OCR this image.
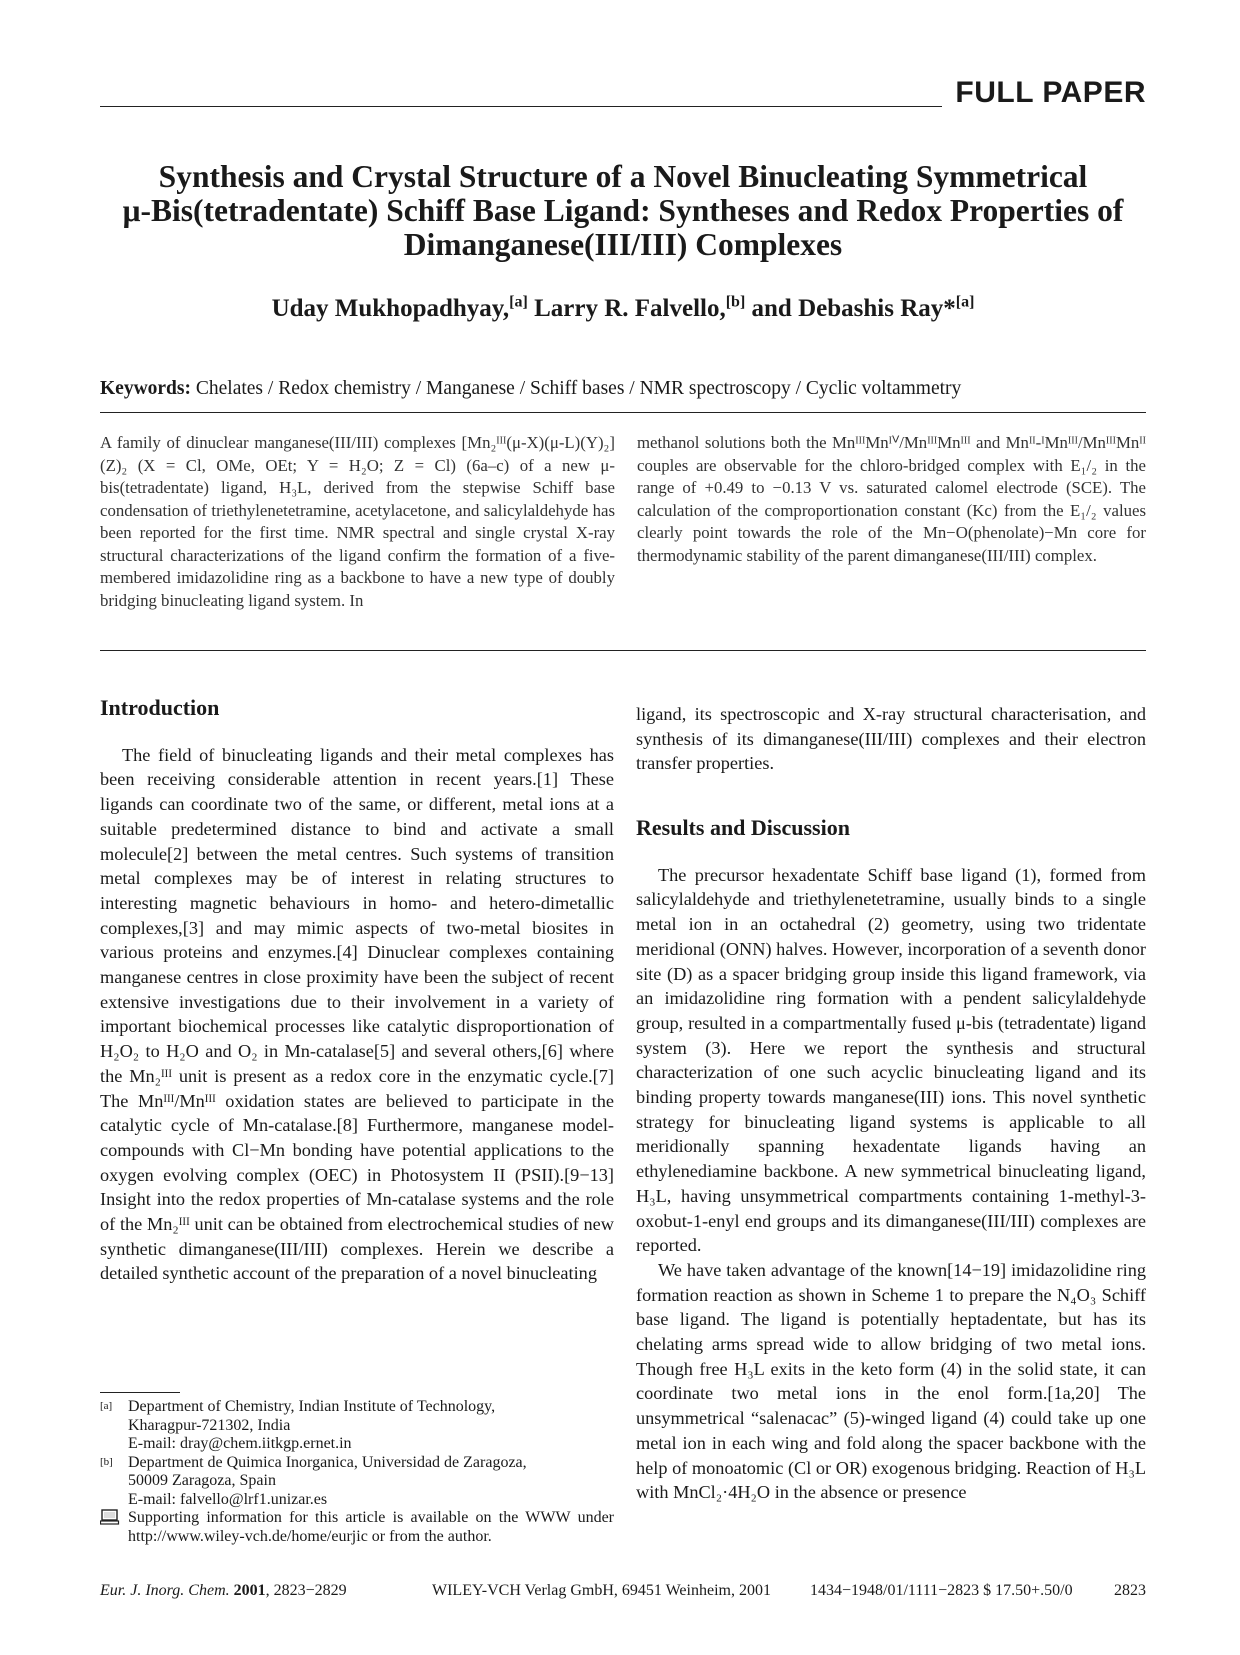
FULL PAPER
Synthesis and Crystal Structure of a Novel Binucleating Symmetrical
μ-Bis(tetradentate) Schiff Base Ligand: Syntheses and Redox Properties of
Dimanganese(III/III) Complexes
Uday Mukhopadhyay,[a] Larry R. Falvello,[b] and Debashis Ray*[a]
Keywords: Chelates / Redox chemistry / Manganese / Schiff bases / NMR spectroscopy / Cyclic voltammetry
A family of dinuclear manganese(III/III) complexes [Mn₂ᴵᴵᴵ(μ-X)(μ-L)(Y)₂](Z)₂ (X = Cl, OMe, OEt; Y = H₂O; Z = Cl) (6a–c) of a new μ-bis(tetradentate) ligand, H₃L, derived from the stepwise Schiff base condensation of triethylenetetramine, acetylacetone, and salicylaldehyde has been reported for the first time. NMR spectral and single crystal X-ray structural characterizations of the ligand confirm the formation of a five-membered imidazolidine ring as a backbone to have a new type of doubly bridging binucleating ligand system. In
methanol solutions both the MnᴵᴵᴵMnᴵⱽ/MnᴵᴵᴵMnᴵᴵᴵ and Mnᴵᴵ-ᴵMnᴵᴵᴵ/MnᴵᴵᴵMnᴵᴵ couples are observable for the chloro-bridged complex with E₁/₂ in the range of +0.49 to −0.13 V vs. saturated calomel electrode (SCE). The calculation of the comproportionation constant (Kc) from the E₁/₂ values clearly point towards the role of the Mn−O(phenolate)−Mn core for thermodynamic stability of the parent dimanganese(III/III) complex.
Introduction

The field of binucleating ligands and their metal complexes has been receiving considerable attention in recent years.[1] These ligands can coordinate two of the same, or different, metal ions at a suitable predetermined distance to bind and activate a small molecule[2] between the metal centres. Such systems of transition metal complexes may be of interest in relating structures to interesting magnetic behaviours in homo- and hetero-dimetallic complexes,[3] and may mimic aspects of two-metal biosites in various proteins and enzymes.[4] Dinuclear complexes containing manganese centres in close proximity have been the subject of recent extensive investigations due to their involvement in a variety of important biochemical processes like catalytic disproportionation of H₂O₂ to H₂O and O₂ in Mn-catalase[5] and several others,[6] where the Mn₂ᴵᴵᴵ unit is present as a redox core in the enzymatic cycle.[7] The Mnᴵᴵᴵ/Mnᴵᴵᴵ oxidation states are believed to participate in the catalytic cycle of Mn-catalase.[8] Furthermore, manganese model-compounds with Cl−Mn bonding have potential applications to the oxygen evolving complex (OEC) in Photosystem II (PSII).[9−13] Insight into the redox properties of Mn-catalase systems and the role of the Mn₂ᴵᴵᴵ unit can be obtained from electrochemical studies of new synthetic dimanganese(III/III) complexes. Herein we describe a detailed synthetic account of the preparation of a novel binucleating

ligand, its spectroscopic and X-ray structural characterisation, and synthesis of its dimanganese(III/III) complexes and their electron transfer properties.

Results and Discussion

The precursor hexadentate Schiff base ligand (1), formed from salicylaldehyde and triethylenetetramine, usually binds to a single metal ion in an octahedral (2) geometry, using two tridentate meridional (ONN) halves. However, incorporation of a seventh donor site (D) as a spacer bridging group inside this ligand framework, via an imidazolidine ring formation with a pendent salicylaldehyde group, resulted in a compartmentally fused μ-bis (tetradentate) ligand system (3). Here we report the synthesis and structural characterization of one such acyclic binucleating ligand and its binding property towards manganese(III) ions. This novel synthetic strategy for binucleating ligand systems is applicable to all meridionally spanning hexadentate ligands having an ethylenediamine backbone. A new symmetrical binucleating ligand, H₃L, having unsymmetrical compartments containing 1-methyl-3-oxobut-1-enyl end groups and its dimanganese(III/III) complexes are reported.

We have taken advantage of the known[14−19] imidazolidine ring formation reaction as shown in Scheme 1 to prepare the N₄O₃ Schiff base ligand. The ligand is potentially heptadentate, but has its chelating arms spread wide to allow bridging of two metal ions. Though free H₃L exits in the keto form (4) in the solid state, it can coordinate two metal ions in the enol form.[1a,20] The unsymmetrical “salenacac” (5)-winged ligand (4) could take up one metal ion in each wing and fold along the spacer backbone with the help of monoatomic (Cl or OR) exogenous bridging. Reaction of H₃L with MnCl₂·4H₂O in the absence or presence

[a] Department of Chemistry, Indian Institute of Technology,
Kharagpur-721302, India
E-mail: dray@chem.iitkgp.ernet.in
[b] Department de Quimica Inorganica, Universidad de Zaragoza,
50009 Zaragoza, Spain
E-mail: falvello@lrf1.unizar.es
Supporting information for this article is available on the WWW under http://www.wiley-vch.de/home/eurjic or from the author.
Eur. J. Inorg. Chem. 2001, 2823−2829	WILEY-VCH Verlag GmbH, 69451 Weinheim, 2001 1434−1948/01/1111−2823 $ 17.50+.50/0	2823
